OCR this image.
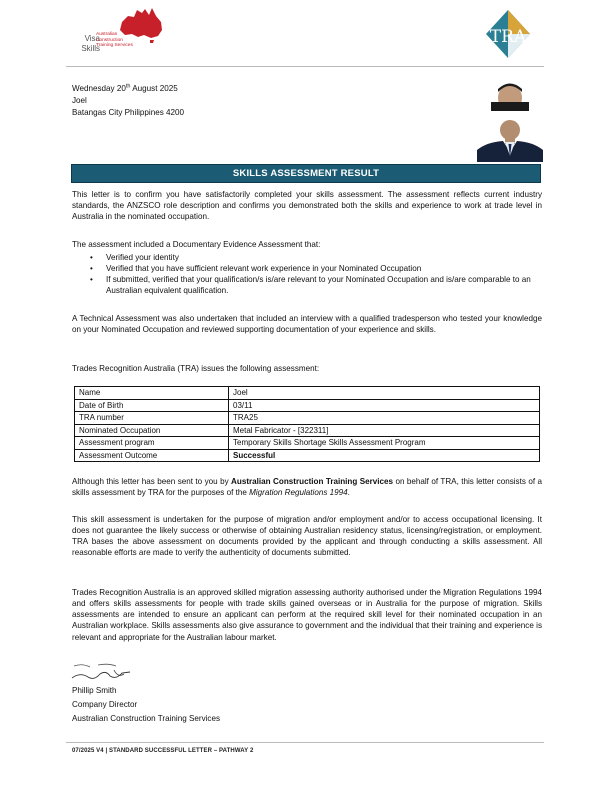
Visa Skills
Australian Construction Training Services	TRA
Wednesday 20th August 2025
Joel
Batangas City Philippines 4200
SKILLS ASSESSMENT RESULT

This letter is to confirm you have satisfactorily completed your skills assessment. The assessment reflects current industry standards, the ANZSCO role description and confirms you demonstrated both the skills and experience to work at trade level in Australia in the nominated occupation.

The assessment included a Documentary Evidence Assessment that:

• Verified your identity
• Verified that you have sufficient relevant work experience in your Nominated Occupation
• If submitted, verified that your qualification/s is/are relevant to your Nominated Occupation and is/are comparable to an Australian equivalent qualification.

A Technical Assessment was also undertaken that included an interview with a qualified tradesperson who tested your knowledge on your Nominated Occupation and reviewed supporting documentation of your experience and skills.

Trades Recognition Australia (TRA) issues the following assessment:

Name	Joel
Date of Birth	03/11
TRA number	TRA25
Nominated Occupation	Metal Fabricator - [322311]
Assessment program	Temporary Skills Shortage Skills Assessment Program
Assessment Outcome	Successful

Although this letter has been sent to you by Australian Construction Training Services on behalf of TRA, this letter consists of a skills assessment by TRA for the purposes of the Migration Regulations 1994.

This skill assessment is undertaken for the purpose of migration and/or employment and/or to access occupational licensing. It does not guarantee the likely success or otherwise of obtaining Australian residency status, licensing/registration, or employment. TRA bases the above assessment on documents provided by the applicant and through conducting a skills assessment. All reasonable efforts are made to verify the authenticity of documents submitted.

Trades Recognition Australia is an approved skilled migration assessing authority authorised under the Migration Regulations 1994 and offers skills assessments for people with trade skills gained overseas or in Australia for the purpose of migration. Skills assessments are intended to ensure an applicant can perform at the required skill level for their nominated occupation in an Australian workplace. Skills assessments also give assurance to government and the individual that their training and experience is relevant and appropriate for the Australian labour market.

Phillip Smith
Company Director
Australian Construction Training Services
07/2025 V4 | STANDARD SUCCESSFUL LETTER – PATHWAY 2
